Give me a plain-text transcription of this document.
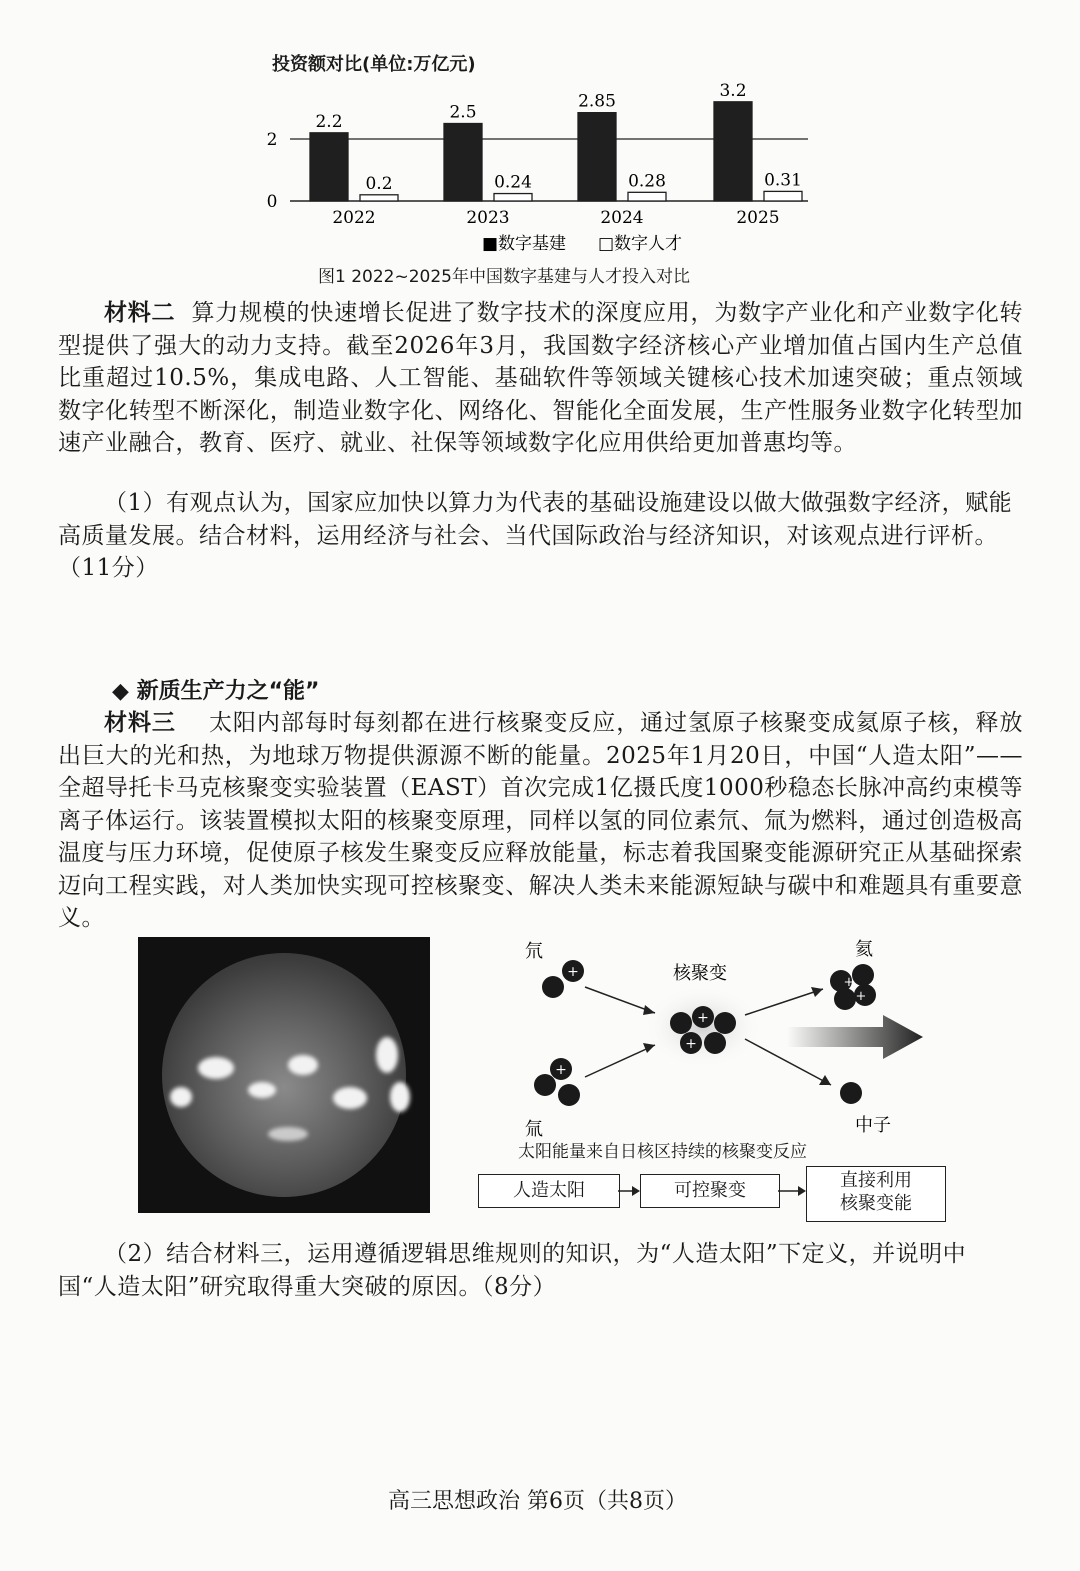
投资额对比(单位:万亿元)
0
2
2.2
0.2
2022
2.5
0.24
2023
2.85
0.28
2024
3.2
0.31
2025
■数字基建 □数字人才
图1 2022~2025年中国数字基建与人才投入对比
材料二 算力规模的快速增长促进了数字技术的深度应用，为数字产业化和产业数字化转型提供了强大的动力支持。截至2026年3月，我国数字经济核心产业增加值占国内生产总值比重超过10.5%，集成电路、人工智能、基础软件等领域关键核心技术加速突破；重点领域数字化转型不断深化，制造业数字化、网络化、智能化全面发展，生产性服务业数字化转型加速产业融合，教育、医疗、就业、社保等领域数字化应用供给更加普惠均等。
（1）有观点认为，国家应加快以算力为代表的基础设施建设以做大做强数字经济，赋能高质量发展。结合材料，运用经济与社会、当代国际政治与经济知识，对该观点进行评析。（11分）
◆ 新质生产力之“能”
材料三 太阳内部每时每刻都在进行核聚变反应，通过氢原子核聚变成氦原子核，释放出巨大的光和热，为地球万物提供源源不断的能量。2025年1月20日，中国“人造太阳”——全超导托卡马克核聚变实验装置（EAST）首次完成1亿摄氏度1000秒稳态长脉冲高约束模等离子体运行。该装置模拟太阳的核聚变原理，同样以氢的同位素氘、氚为燃料，通过创造极高温度与压力环境，促使原子核发生聚变反应释放能量，标志着我国聚变能源研究正从基础探索迈向工程实践，对人类加快实现可控核聚变、解决人类未来能源短缺与碳中和难题具有重要意义。
氘
核聚变
氦
氚	中子
+
+
+
+
+
+
太阳能量来自日核区持续的核聚变反应
人造太阳	可控聚变	直接利用
核聚变能
（2）结合材料三，运用遵循逻辑思维规则的知识，为“人造太阳”下定义，并说明中国“人造太阳”研究取得重大突破的原因。（8分）
高三思想政治 第6页（共8页）
